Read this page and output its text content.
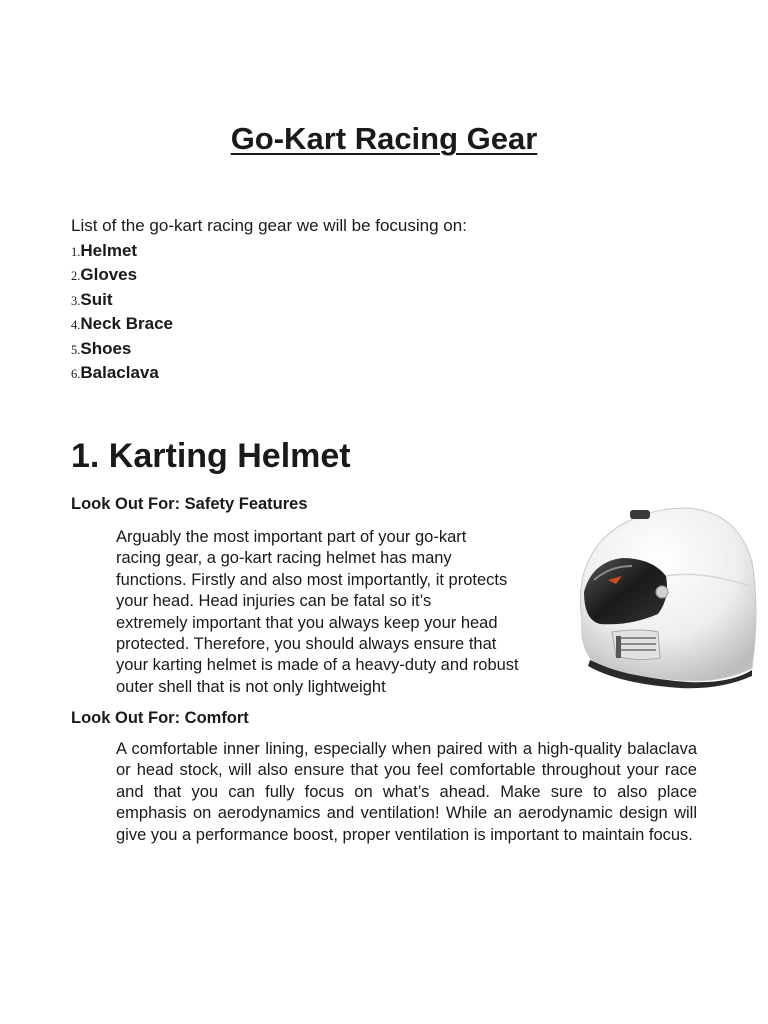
Go-Kart Racing Gear

List of the go-kart racing gear we will be focusing on:

1.Helmet
2.Gloves
3.Suit
4.Neck Brace
5.Shoes
6.Balaclava
1. Karting Helmet
Look Out For: Safety Features

Arguably the most important part of your go-kart
racing gear, a go-kart racing helmet has many
functions. Firstly and also most importantly, it protects
your head. Head injuries can be fatal so it’s
extremely important that you always keep your head
protected. Therefore, you should always ensure that
your karting helmet is made of a heavy-duty and robust
outer shell that is not only lightweight

Look Out For: Comfort

A comfortable inner lining, especially when paired with a high-quality balaclava or head stock, will also ensure that you feel comfortable throughout your race and that you can fully focus on what’s ahead. Make sure to also place emphasis on aerodynamics and ventilation! While an aerodynamic design will give you a performance boost, proper ventilation is important to maintain focus.
